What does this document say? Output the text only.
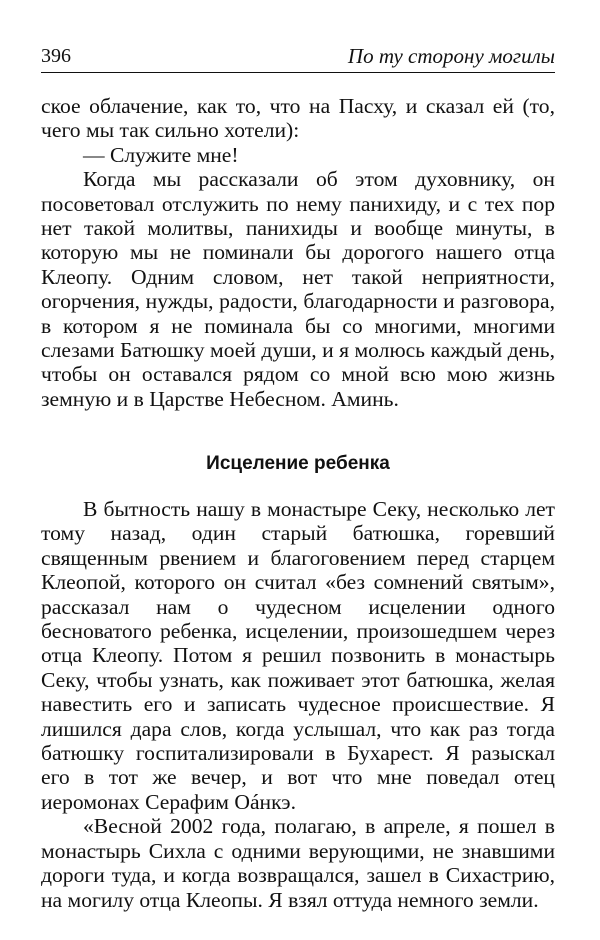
396	По ту сторону могилы

ское облачение, как то, что на Пасху, и сказал ей (то, чего мы так сильно хотели):

— Служите мне!

Когда мы рассказали об этом духовнику, он посоветовал отслужить по нему панихиду, и с тех пор нет такой молитвы, панихиды и вообще минуты, в которую мы не поминали бы дорогого нашего отца Клеопу. Одним словом, нет такой неприятности, огорчения, нужды, радости, благодарности и разговора, в котором я не поминала бы со многими, многими слезами Батюшку моей души, и я молюсь каждый день, чтобы он оставался рядом со мной всю мою жизнь земную и в Царстве Небесном. Аминь.

Исцеление ребенка

В бытность нашу в монастыре Секу, несколько лет тому назад, один старый батюшка, горевший священным рвением и благоговением перед старцем Клеопой, которого он считал «без сомнений святым», рассказал нам о чудесном исцелении одного бесноватого ребенка, исцелении, произошедшем через отца Клеопу. Потом я решил позвонить в монастырь Секу, чтобы узнать, как поживает этот батюшка, желая навестить его и записать чудесное происшествие. Я лишился дара слов, когда услышал, что как раз тогда батюшку госпитализировали в Бухарест. Я разыскал его в тот же вечер, и вот что мне поведал отец иеромонах Серафим Оáнкэ.

«Весной 2002 года, полагаю, в апреле, я пошел в монастырь Сихла с одними верующими, не знавшими дороги туда, и когда возвращался, зашел в Сихастрию, на могилу отца Клеопы. Я взял оттуда немного земли.
